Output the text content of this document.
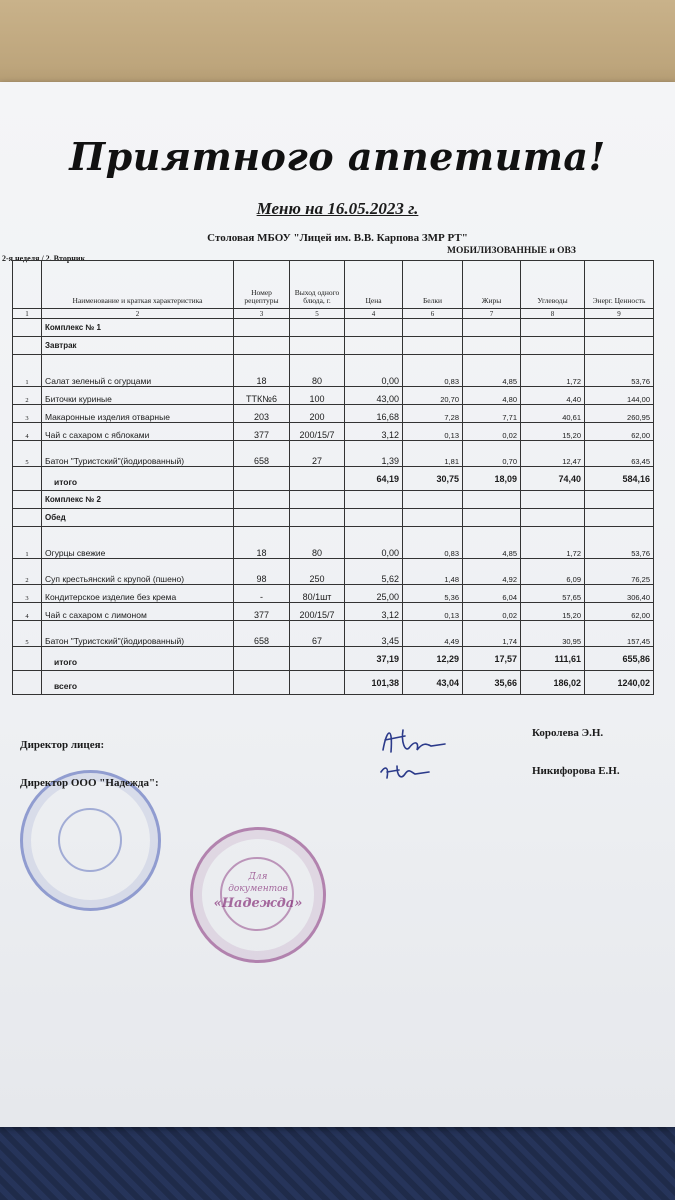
Приятного аппетита!
Меню на 16.05.2023 г.
Столовая МБОУ "Лицей им. В.В. Карпова ЗМР РТ"
МОБИЛИЗОВАННЫЕ и ОВЗ
2-я неделя / 2. Вторник
	Наименование и краткая характеристика	Номер рецептуры	Выход одного блюда, г.	Цена	Белки	Жиры	Углеводы	Энерг. Ценность
1	2	3	5	4	6	7	8	9
	Комплекс № 1							
	Завтрак							
1	Салат зеленый с огурцами	18	80	0,00	0,83	4,85	1,72	53,76
2	Биточки куриные	ТТК№6	100	43,00	20,70	4,80	4,40	144,00
3	Макаронные изделия отварные	203	200	16,68	7,28	7,71	40,61	260,95
4	Чай с сахаром с яблоками	377	200/15/7	3,12	0,13	0,02	15,20	62,00
5	Батон "Туристский"(йодированный)	658	27	1,39	1,81	0,70	12,47	63,45
	итого			64,19	30,75	18,09	74,40	584,16
	Комплекс № 2							
	Обед							
1	Огурцы свежие	18	80	0,00	0,83	4,85	1,72	53,76
2	Суп крестьянский с крупой (пшено)	98	250	5,62	1,48	4,92	6,09	76,25
3	Кондитерское изделие без крема	-	80/1шт	25,00	5,36	6,04	57,65	306,40
4	Чай с сахаром с лимоном	377	200/15/7	3,12	0,13	0,02	15,20	62,00
5	Батон "Туристский"(йодированный)	658	67	3,45	4,49	1,74	30,95	157,45
	итого			37,19	12,29	17,57	111,61	655,86
	всего			101,38	43,04	35,66	186,02	1240,02
Для
документов
«Надежда»
Директор лицея:
Директор ООО "Надежда":
Королева Э.Н.
Никифорова Е.Н.
